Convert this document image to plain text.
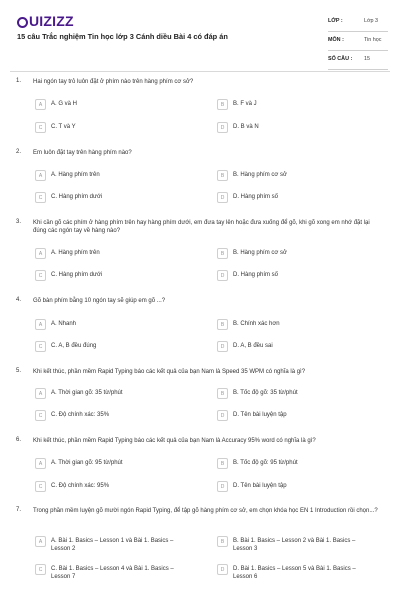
UIZIZZ
15 câu Trắc nghiệm Tin học lớp 3 Cánh diều Bài 4 có đáp án
LỚP :	Lớp 3
MÔN :	Tin học
SỐ CÂU : 15
1. Hai ngón tay trỏ luôn đặt ở phím nào trên hàng phím cơ sở?
A	A. G và H	B	B. F và J
C	C. T và Y	D	D. B và N
2. Em luôn đặt tay trên hàng phím nào?
A	A. Hàng phím trên	B	B. Hàng phím cơ sở
C	C. Hàng phím dưới	D	D. Hàng phím số
3. Khi cần gõ các phím ở hàng phím trên hay hàng phím dưới, em đưa tay lên hoặc đưa xuống để gõ, khi gõ xong em nhớ đặt lại đúng các ngón tay về hàng nào?
A	A. Hàng phím trên	B	B. Hàng phím cơ sở
C	C. Hàng phím dưới	D	D. Hàng phím số
4. Gõ bàn phím bằng 10 ngón tay sẽ giúp em gõ ...?
A	A. Nhanh	B	B. Chính xác hơn
C	C. A, B đều đúng	D	D. A, B đều sai
5. Khi kết thúc, phần mềm Rapid Typing báo các kết quả của bạn Nam là Speed 35 WPM có nghĩa là gì?
A	A. Thời gian gõ: 35 từ/phút	B	B. Tốc độ gõ: 35 từ/phút
C	C. Độ chính xác: 35%	D	D. Tên bài luyện tập
6. Khi kết thúc, phần mềm Rapid Typing báo các kết quả của bạn Nam là Accuracy 95% word có nghĩa là gì?
A	A. Thời gian gõ: 95 từ/phút	B	B. Tốc độ gõ: 95 từ/phút
C	C. Độ chính xác: 95%	D	D. Tên bài luyện tập
7. Trong phần mềm luyện gõ mười ngón Rapid Typing, để tập gõ hàng phím cơ sở, em chọn khóa học EN 1 Introduction rồi chọn...?
A	A. Bài 1. Basics – Lesson 1 và Bài 1. Basics – Lesson 2
B	B. Bài 1. Basics – Lesson 2 và Bài 1. Basics – Lesson 3
C	C. Bài 1. Basics – Lesson 4 và Bài 1. Basics – Lesson 7
D	D. Bài 1. Basics – Lesson 5 và Bài 1. Basics – Lesson 6
